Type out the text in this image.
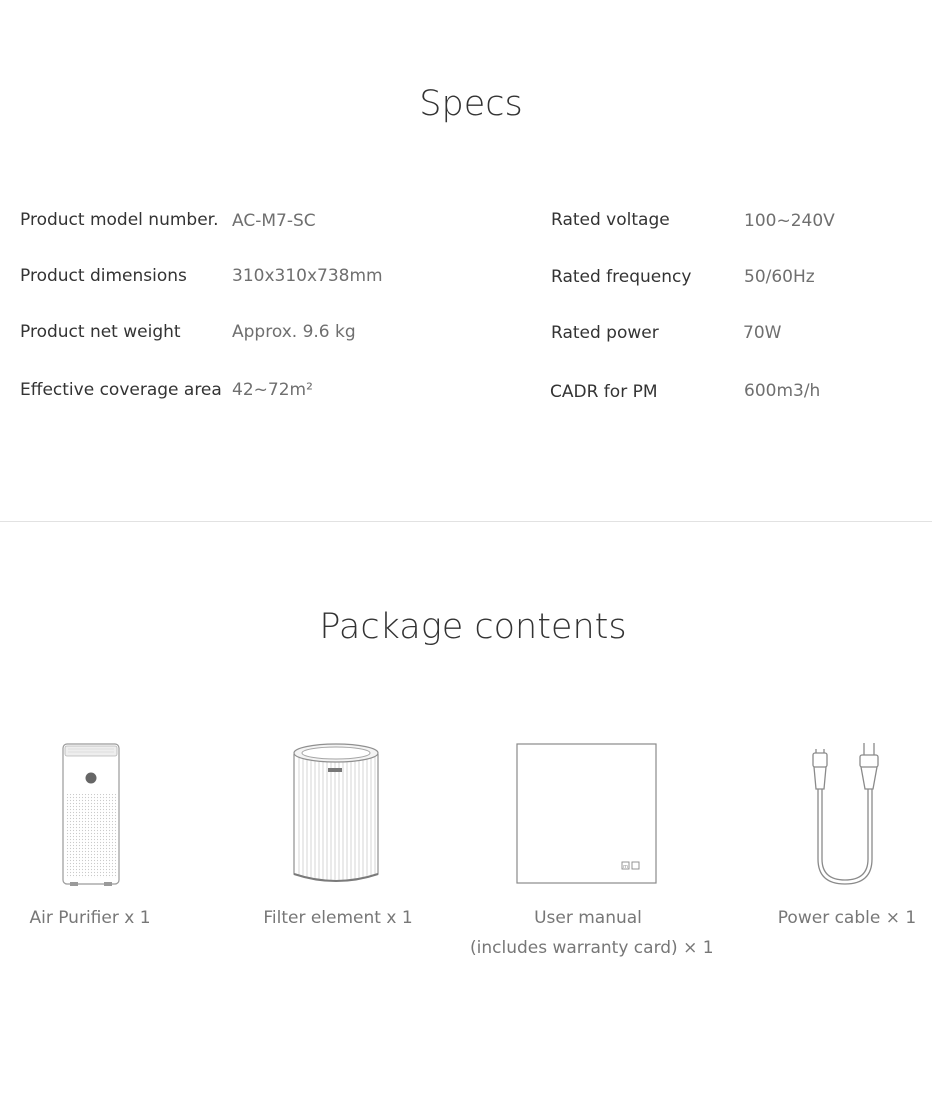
Specs
Product model number. AC-M7-SC
Product dimensions	310x310x738mm
Product net weight	Approx. 9.6 kg
Effective coverage area 42~72m²
Rated voltage	100~240V
Rated frequency	50/60Hz
Rated power	70W
CADR for PM	600m3/h
Package contents
Air Purifier x 1	Filter element x 1
m
User manual
(includes warranty card) × 1
Power cable × 1
